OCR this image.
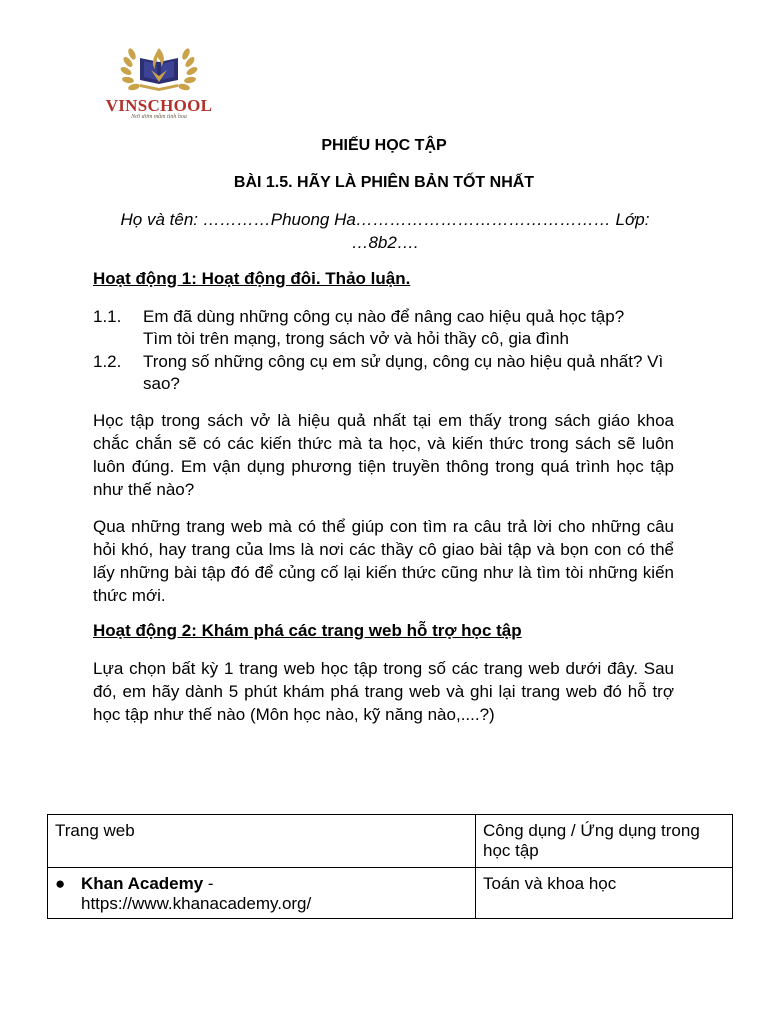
VINSCHOOL
Nơi ươm mầm tinh hoa
PHIẾU HỌC TẬP
BÀI 1.5. HÃY LÀ PHIÊN BẢN TỐT NHẤT
Họ và tên: …………Phuong Ha……………………………………… Lớp:
…8b2….
Hoạt động 1: Hoạt động đôi. Thảo luận.
1.1. Em đã dùng những công cụ nào để nâng cao hiệu quả học tập?
Tìm tòi trên mạng, trong sách vở và hỏi thầy cô, gia đình
1.2. Trong số những công cụ em sử dụng, công cụ nào hiệu quả nhất? Vì sao?
Học tập trong sách vở là hiệu quả nhất tại em thấy trong sách giáo khoa chắc chắn sẽ có các kiến thức mà ta học, và kiến thức trong sách sẽ luôn luôn đúng. Em vận dụng phương tiện truyền thông trong quá trình học tập như thế nào?
Qua những trang web mà có thể giúp con tìm ra câu trả lời cho những câu hỏi khó, hay trang của lms là nơi các thầy cô giao bài tập và bọn con có thể lấy những bài tập đó để củng cố lại kiến thức cũng như là tìm tòi những kiến thức mới.
Hoạt động 2: Khám phá các trang web hỗ trợ học tập
Lựa chọn bất kỳ 1 trang web học tập trong số các trang web dưới đây. Sau đó, em hãy dành 5 phút khám phá trang web và ghi lại trang web đó hỗ trợ học tập như thế nào (Môn học nào, kỹ năng nào,....?)
Trang web	Công dụng / Ứng dụng trong học tập

● Khan Academy -
https://www.khanacademy.org/	Toán và khoa học
